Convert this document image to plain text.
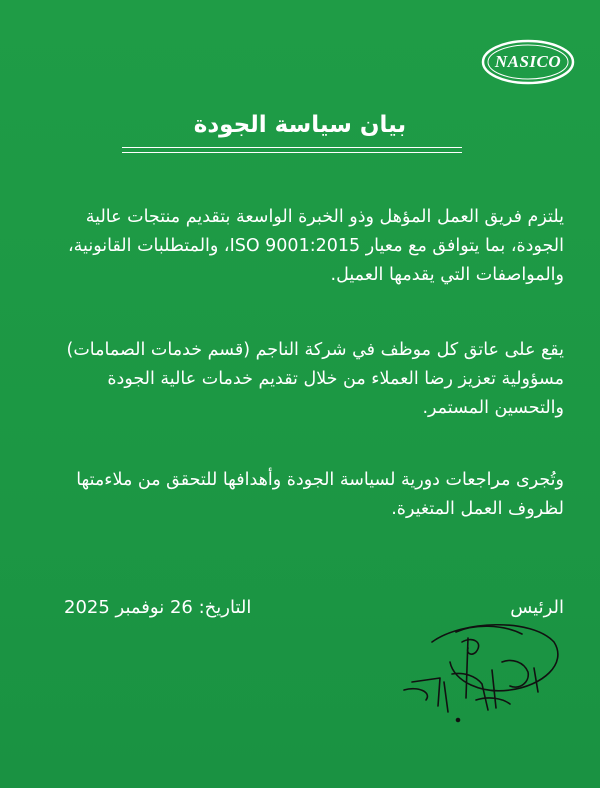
NASICO
بيان سياسة الجودة

يلتزم فريق العمل المؤهل وذو الخبرة الواسعة بتقديم منتجات عالية الجودة، بما يتوافق مع معيار ISO 9001:2015، والمتطلبات القانونية، والمواصفات التي يقدمها العميل.

يقع على عاتق كل موظف في شركة الناجم (قسم خدمات الصمامات) مسؤولية تعزيز رضا العملاء من خلال تقديم خدمات عالية الجودة والتحسين المستمر.

وتُجرى مراجعات دورية لسياسة الجودة وأهدافها للتحقق من ملاءمتها لظروف العمل المتغيرة.

الرئيس
التاريخ: 26 نوفمبر 2025
